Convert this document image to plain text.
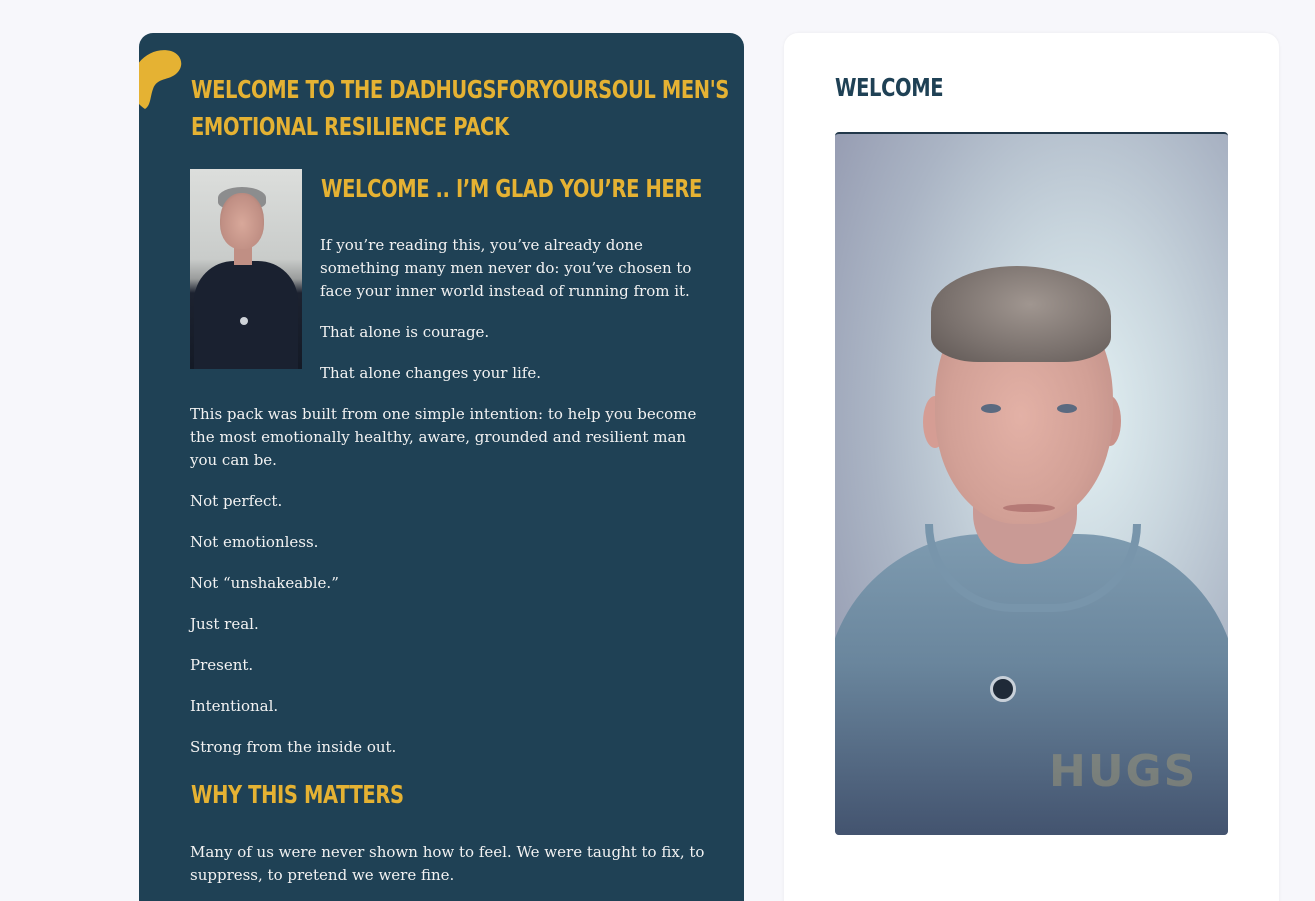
WELCOME TO THE DADHUGSFORYOURSOUL MEN'S
EMOTIONAL RESILIENCE PACK
WELCOME .. I’M GLAD YOU’RE HERE

If you’re reading this, you’ve already done
something many men never do: you’ve chosen to
face your inner world instead of running from it.

That alone is courage.

That alone changes your life.

This pack was built from one simple intention: to help you become
the most emotionally healthy, aware, grounded and resilient man
you can be.

Not perfect.

Not emotionless.

Not “unshakeable.”

Just real.

Present.

Intentional.

Strong from the inside out.

WHY THIS MATTERS

Many of us were never shown how to feel. We were taught to fix, to
suppress, to pretend we were fine.

WELCOME
HUGS
